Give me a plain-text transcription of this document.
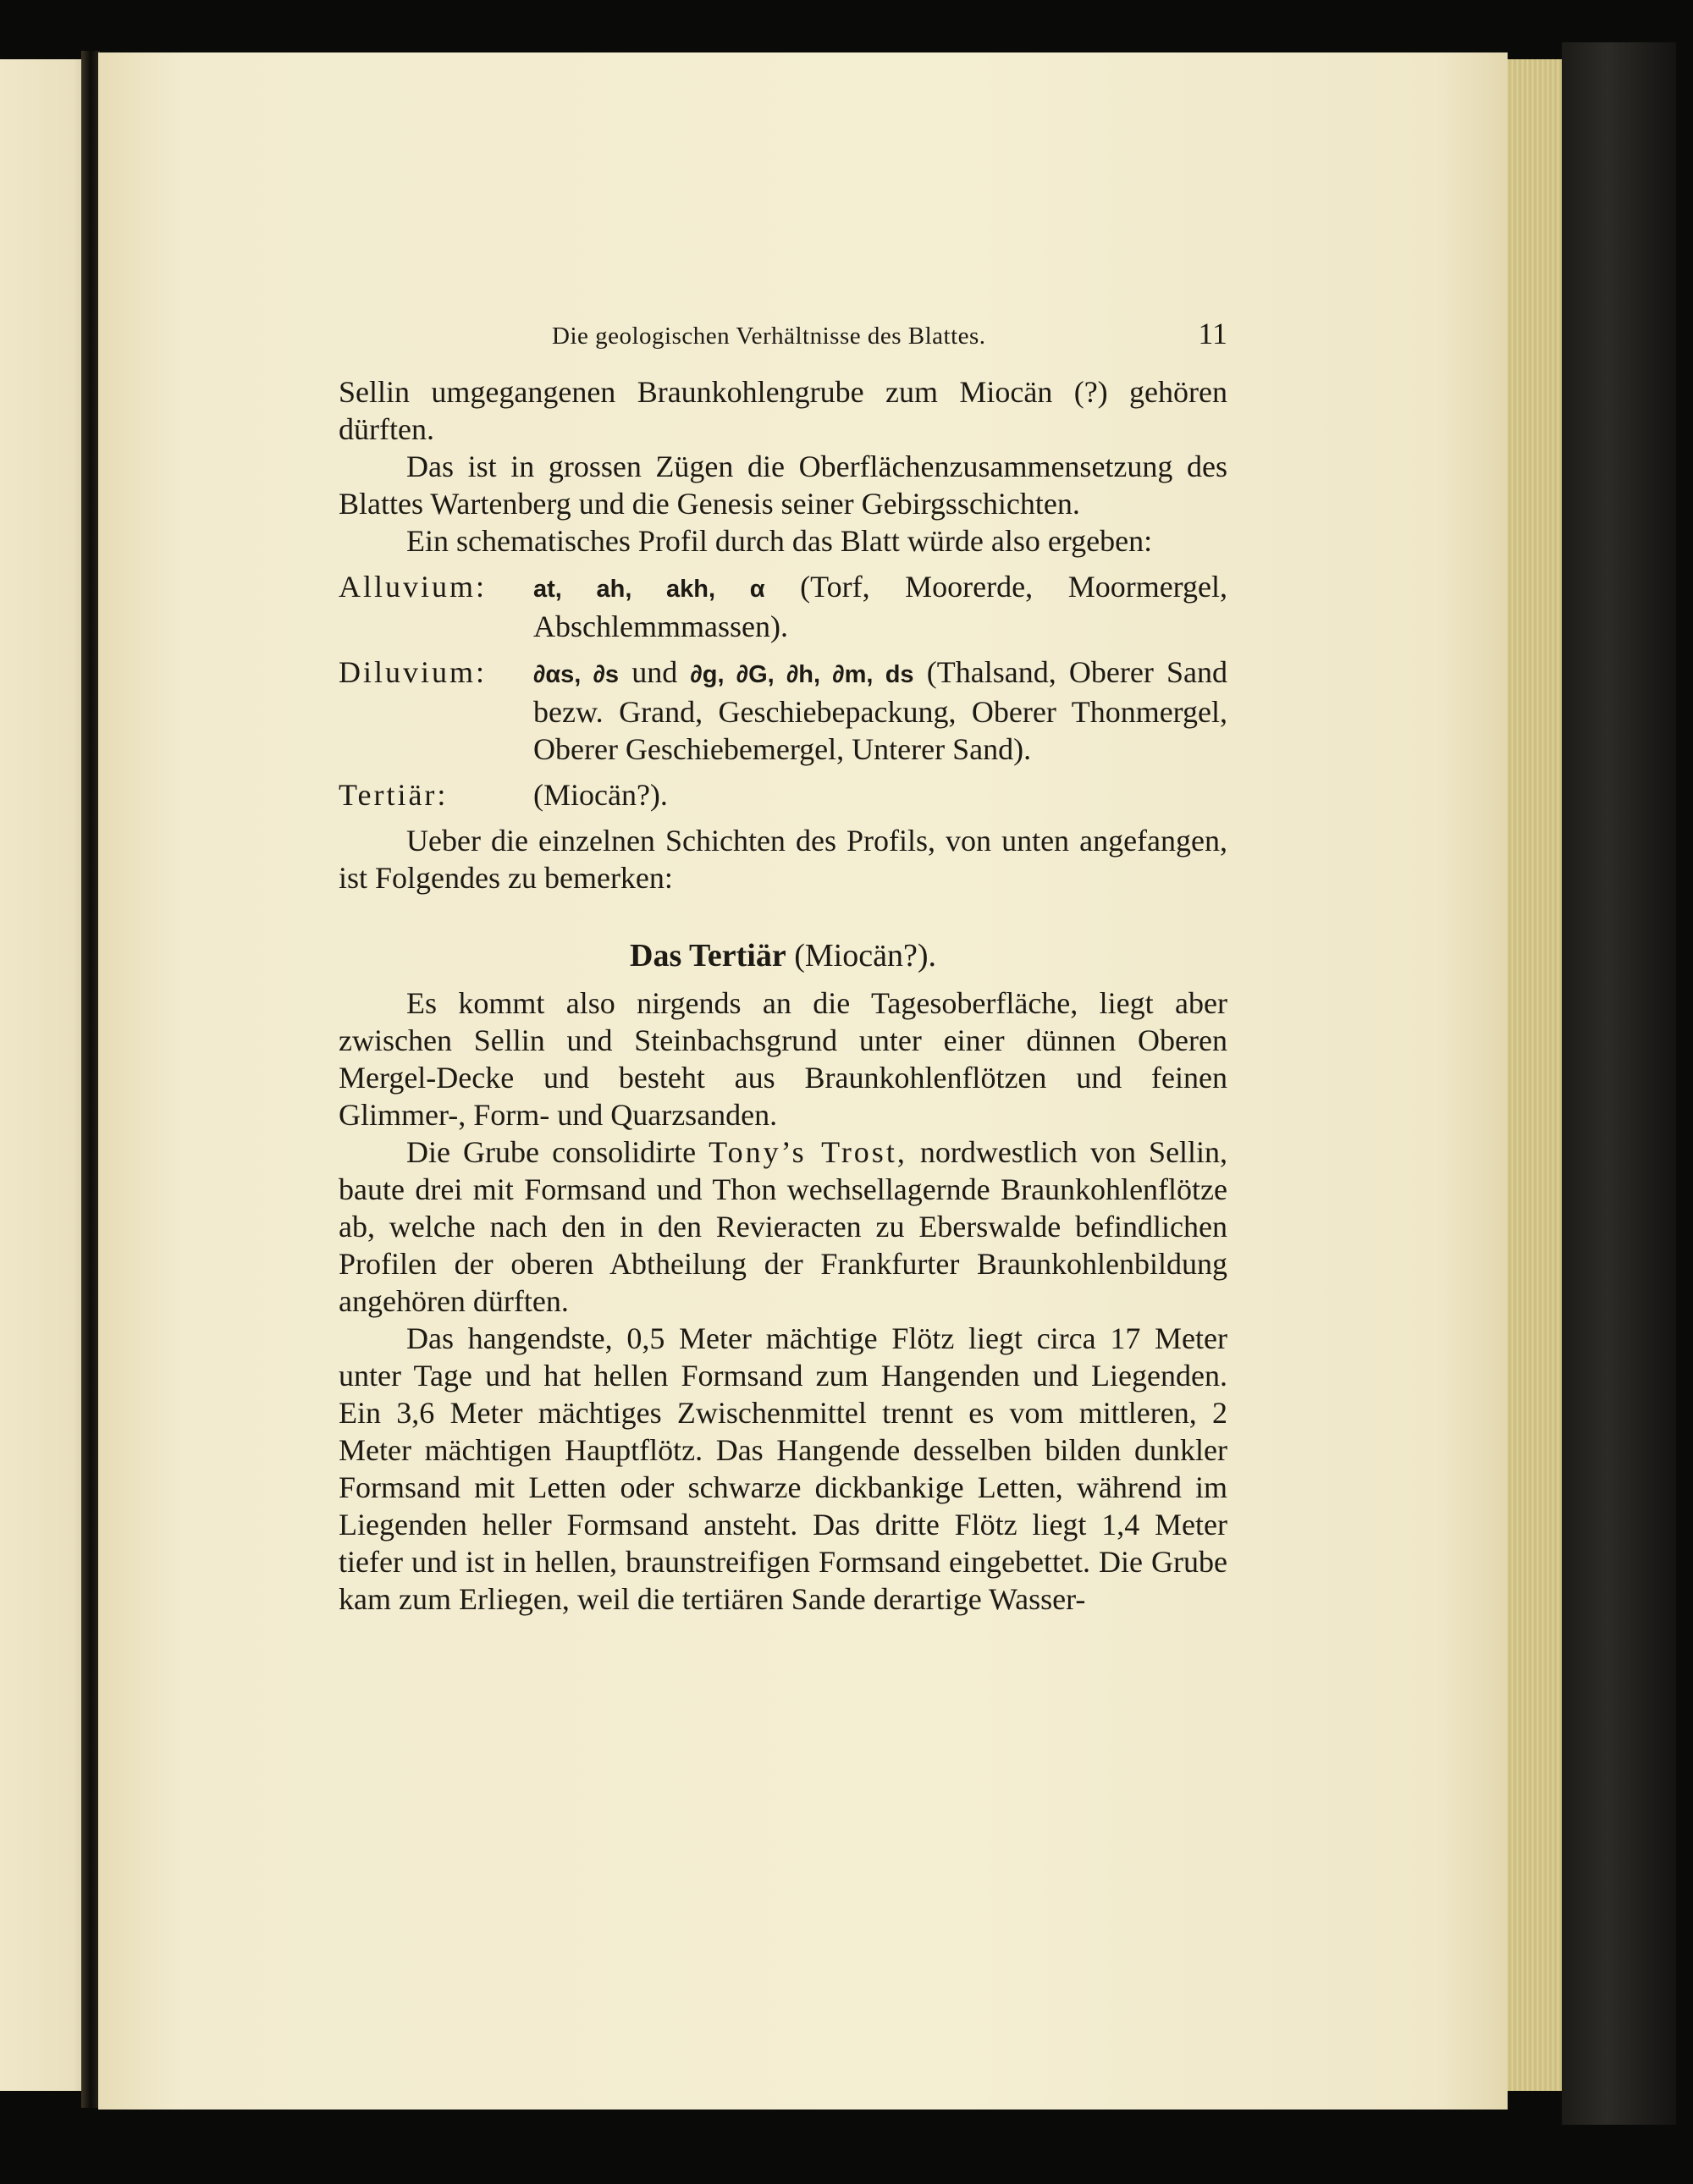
Die geologischen Verhältnisse des Blattes.	11

Sellin umgegangenen Braunkohlengrube zum Miocän (?) gehören dürften.

Das ist in grossen Zügen die Oberflächenzusammensetzung des Blattes Wartenberg und die Genesis seiner Gebirgsschichten.

Ein schematisches Profil durch das Blatt würde also ergeben:

Alluvium:	at, ah, akh, α (Torf, Moorerde, Moormergel, Abschlemmmassen).
Diluvium:	∂αs, ∂s und ∂g, ∂G, ∂h, ∂m, ds (Thalsand, Oberer Sand bezw. Grand, Geschiebepackung, Oberer Thonmergel, Oberer Geschiebemergel, Unterer Sand).
Tertiär:	(Miocän?).

Ueber die einzelnen Schichten des Profils, von unten angefangen, ist Folgendes zu bemerken:

Das Tertiär (Miocän?).

Es kommt also nirgends an die Tagesoberfläche, liegt aber zwischen Sellin und Steinbachsgrund unter einer dünnen Oberen Mergel-Decke und besteht aus Braunkohlenflötzen und feinen Glimmer-, Form- und Quarzsanden.

Die Grube consolidirte Tony’s Trost, nordwestlich von Sellin, baute drei mit Formsand und Thon wechsellagernde Braunkohlenflötze ab, welche nach den in den Revieracten zu Eberswalde befindlichen Profilen der oberen Abtheilung der Frankfurter Braunkohlenbildung angehören dürften.

Das hangendste, 0,5 Meter mächtige Flötz liegt circa 17 Meter unter Tage und hat hellen Formsand zum Hangenden und Liegenden. Ein 3,6 Meter mächtiges Zwischenmittel trennt es vom mittleren, 2 Meter mächtigen Hauptflötz. Das Hangende desselben bilden dunkler Formsand mit Letten oder schwarze dickbankige Letten, während im Liegenden heller Formsand ansteht. Das dritte Flötz liegt 1,4 Meter tiefer und ist in hellen, braunstreifigen Formsand eingebettet. Die Grube kam zum Erliegen, weil die tertiären Sande derartige Wasser-
